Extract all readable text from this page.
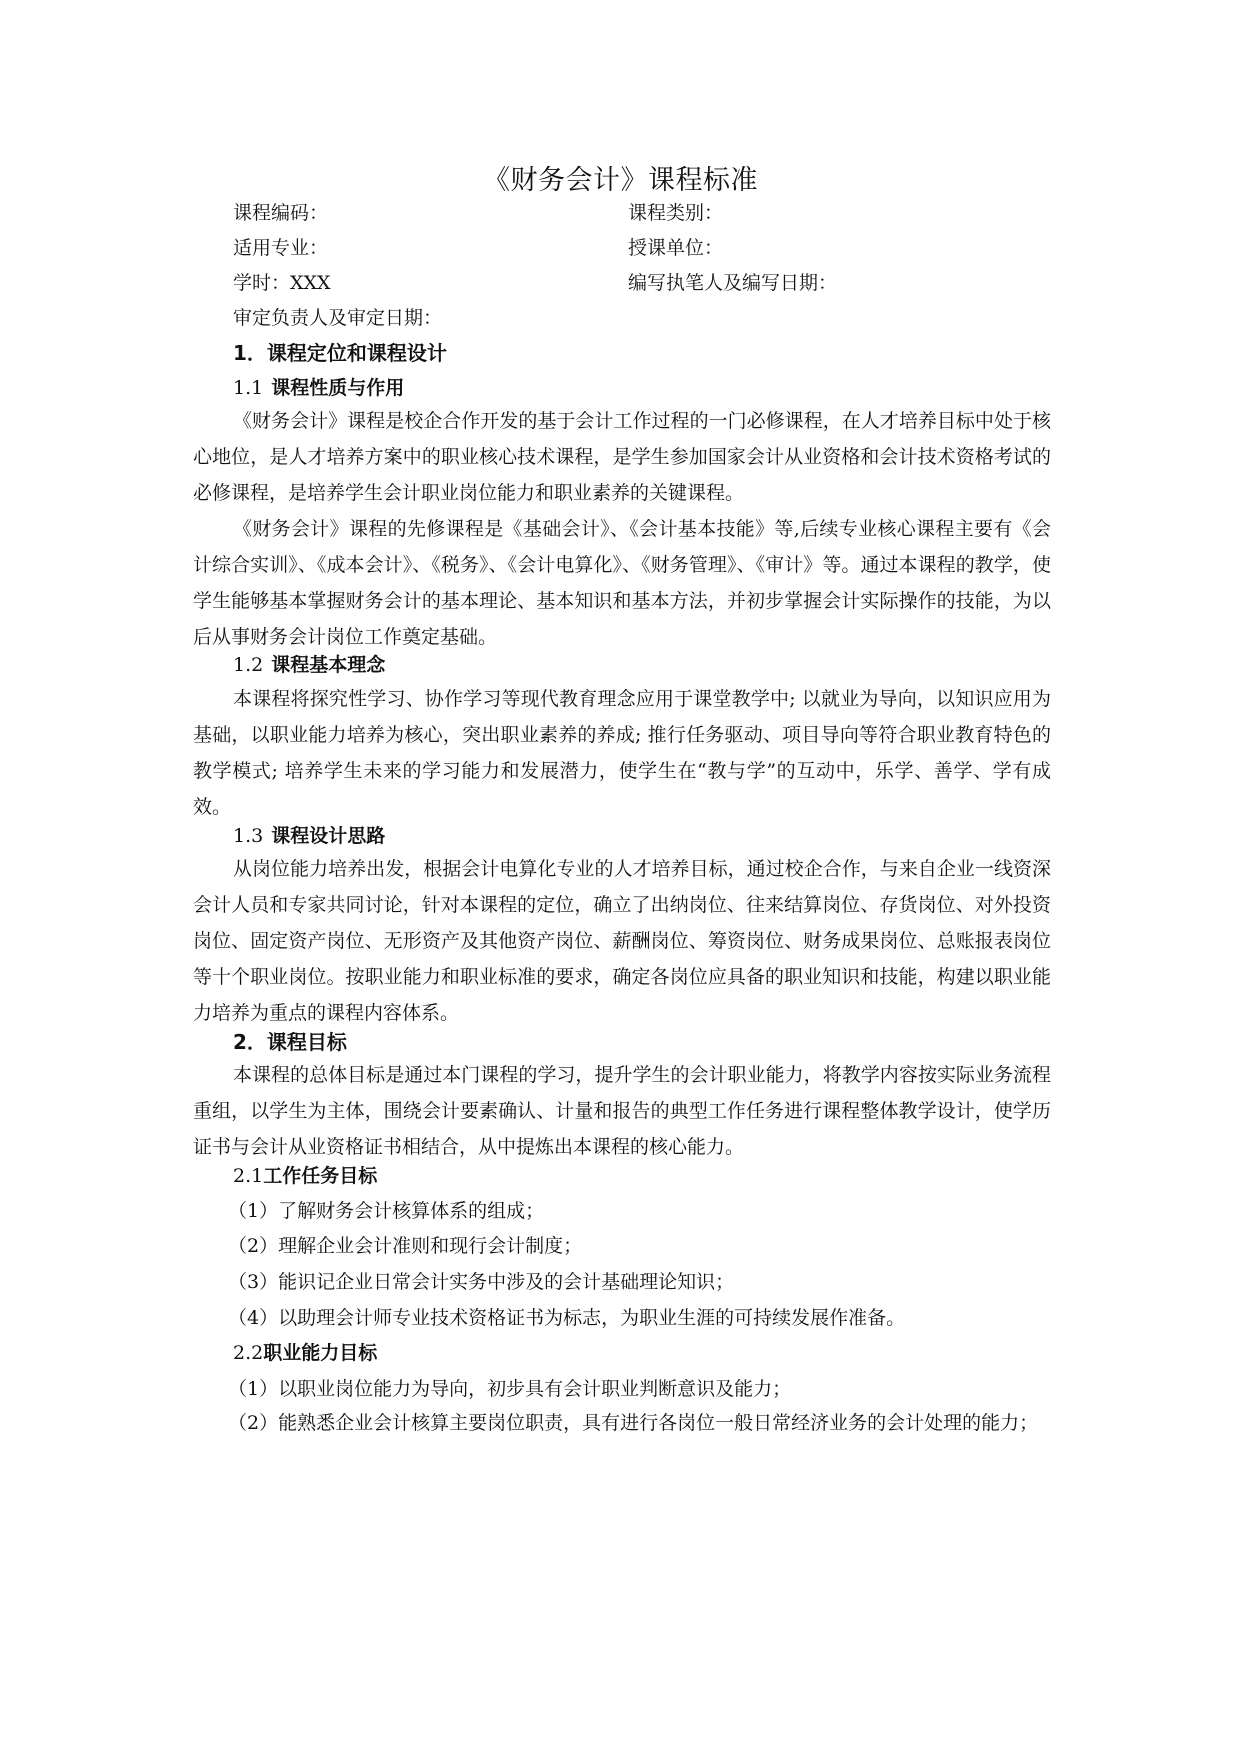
《财务会计》课程标准
课程编码：	课程类别：
适用专业：	授课单位：
学时：XXX	编写执笔人及编写日期：
审定负责人及审定日期：
1．课程定位和课程设计
1.1 课程性质与作用

《财务会计》课程是校企合作开发的基于会计工作过程的一门必修课程，在人才培养目标中处于核心地位，是人才培养方案中的职业核心技术课程，是学生参加国家会计从业资格和会计技术资格考试的必修课程，是培养学生会计职业岗位能力和职业素养的关键课程。

《财务会计》课程的先修课程是《基础会计》、《会计基本技能》等,后续专业核心课程主要有《会计综合实训》、《成本会计》、《税务》、《会计电算化》、《财务管理》、《审计》等。通过本课程的教学，使学生能够基本掌握财务会计的基本理论、基本知识和基本方法，并初步掌握会计实际操作的技能，为以后从事财务会计岗位工作奠定基础。

1.2 课程基本理念

本课程将探究性学习、协作学习等现代教育理念应用于课堂教学中; 以就业为导向，以知识应用为基础，以职业能力培养为核心，突出职业素养的养成; 推行任务驱动、项目导向等符合职业教育特色的教学模式; 培养学生未来的学习能力和发展潜力，使学生在“教与学”的互动中，乐学、善学、学有成效。

1.3 课程设计思路

从岗位能力培养出发，根据会计电算化专业的人才培养目标，通过校企合作，与来自企业一线资深会计人员和专家共同讨论，针对本课程的定位，确立了出纳岗位、往来结算岗位、存货岗位、对外投资岗位、固定资产岗位、无形资产及其他资产岗位、薪酬岗位、筹资岗位、财务成果岗位、总账报表岗位等十个职业岗位。按职业能力和职业标准的要求，确定各岗位应具备的职业知识和技能，构建以职业能力培养为重点的课程内容体系。

2．课程目标

本课程的总体目标是通过本门课程的学习，提升学生的会计职业能力，将教学内容按实际业务流程重组，以学生为主体，围绕会计要素确认、计量和报告的典型工作任务进行课程整体教学设计，使学历证书与会计从业资格证书相结合，从中提炼出本课程的核心能力。

2.1工作任务目标

（1）了解财务会计核算体系的组成；

（2）理解企业会计准则和现行会计制度；

（3）能识记企业日常会计实务中涉及的会计基础理论知识；

（4）以助理会计师专业技术资格证书为标志，为职业生涯的可持续发展作准备。

2.2职业能力目标

（1）以职业岗位能力为导向，初步具有会计职业判断意识及能力；

（2）能熟悉企业会计核算主要岗位职责，具有进行各岗位一般日常经济业务的会计处理的能力；
